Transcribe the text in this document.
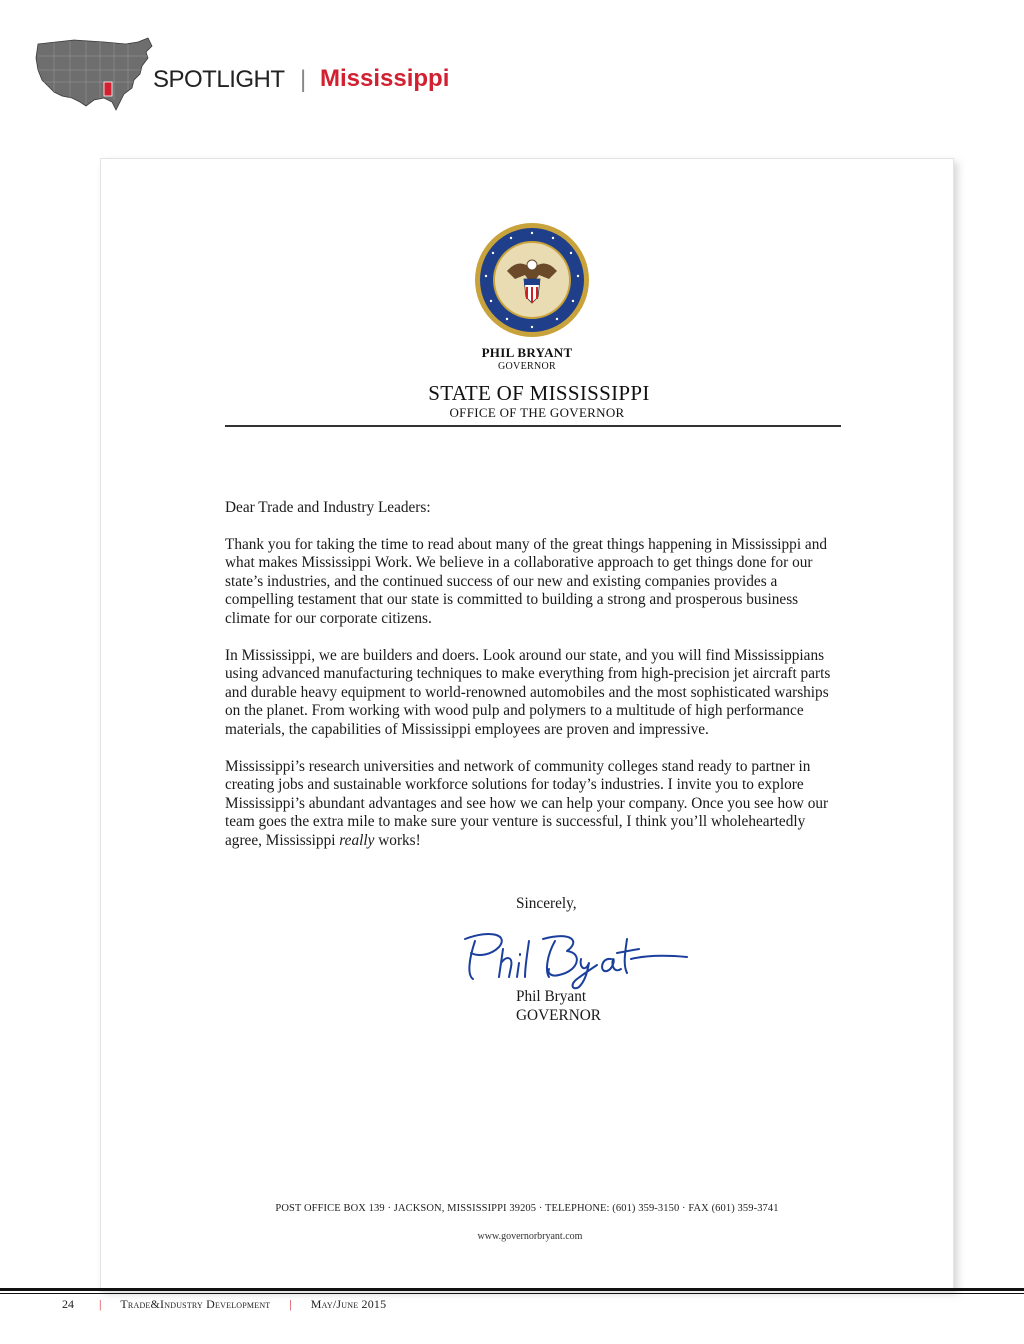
SPOTLIGHT | Mississippi
PHIL BRYANT
GOVERNOR
STATE OF MISSISSIPPI
OFFICE OF THE GOVERNOR

Dear Trade and Industry Leaders:

Thank you for taking the time to read about many of the great things happening in Mississippi and what makes Mississippi Work. We believe in a collaborative approach to get things done for our state’s industries, and the continued success of our new and existing companies provides a compelling testament that our state is committed to building a strong and prosperous business climate for our corporate citizens.

In Mississippi, we are builders and doers. Look around our state, and you will find Mississippians using advanced manufacturing techniques to make everything from high-precision jet aircraft parts and durable heavy equipment to world-renowned automobiles and the most sophisticated warships on the planet. From working with wood pulp and polymers to a multitude of high performance materials, the capabilities of Mississippi employees are proven and impressive.

Mississippi’s research universities and network of community colleges stand ready to partner in creating jobs and sustainable workforce solutions for today’s industries. I invite you to explore Mississippi’s abundant advantages and see how we can help your company. Once you see how our team goes the extra mile to make sure your venture is successful, I think you’ll wholeheartedly agree, Mississippi really works!

Sincerely,
Phil Bryant
GOVERNOR
POST OFFICE BOX 139 · JACKSON, MISSISSIPPI 39205 · TELEPHONE: (601) 359-3150 · FAX (601) 359-3741
www.governorbryant.com
24 | Trade&Industry Development | May/June 2015
